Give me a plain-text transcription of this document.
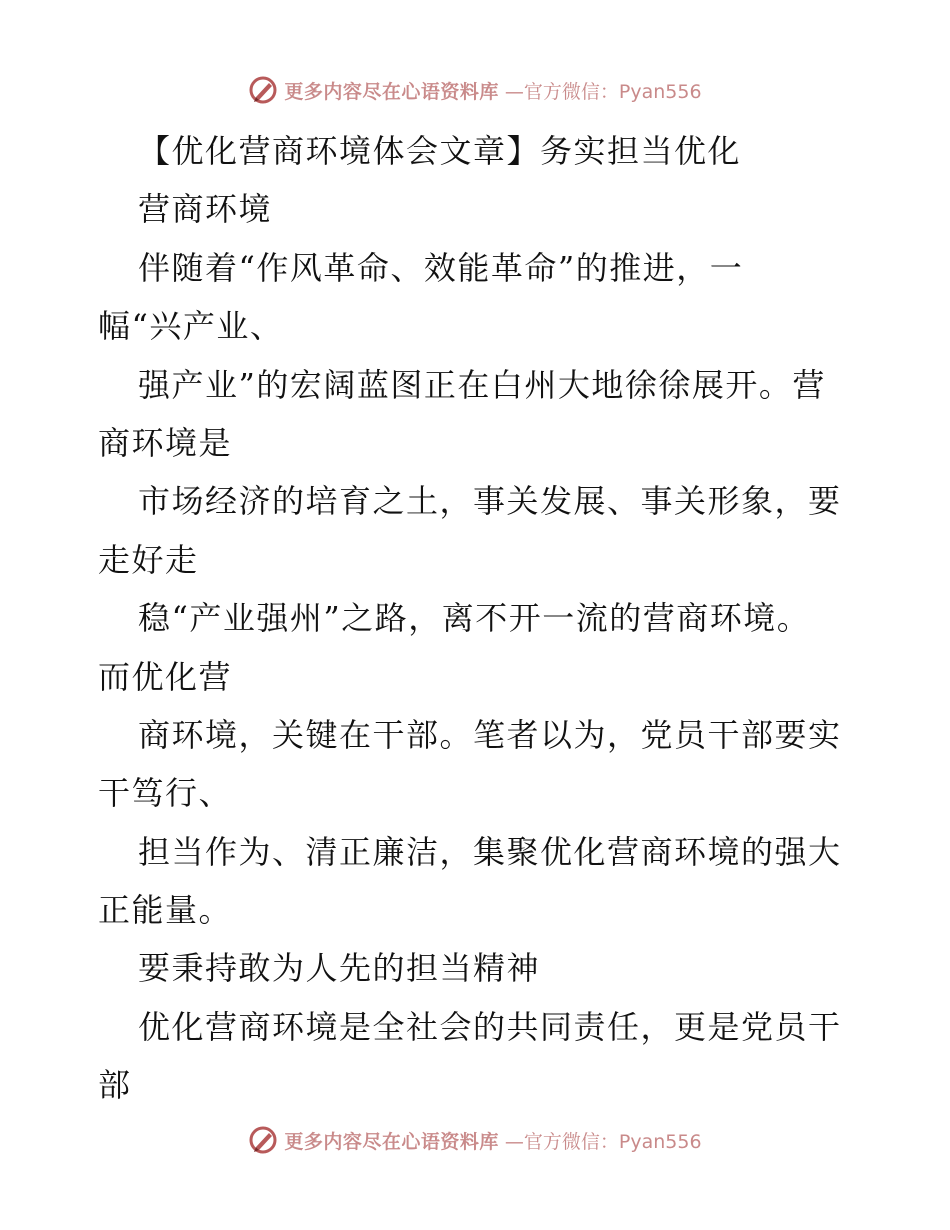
更多内容尽在心语资料库 —官方微信：Pyan556
【优化营商环境体会文章】务实担当优化
营商环境
伴随着“作风革命、效能革命”的推进，一
幅“兴产业、
强产业”的宏阔蓝图正在白州大地徐徐展开。营
商环境是
市场经济的培育之土，事关发展、事关形象，要
走好走
稳“产业强州”之路，离不开一流的营商环境。
而优化营
商环境，关键在干部。笔者以为，党员干部要实
干笃行、
担当作为、清正廉洁，集聚优化营商环境的强大
正能量。
要秉持敢为人先的担当精神
优化营商环境是全社会的共同责任，更是党员干
部
更多内容尽在心语资料库 —官方微信：Pyan556
